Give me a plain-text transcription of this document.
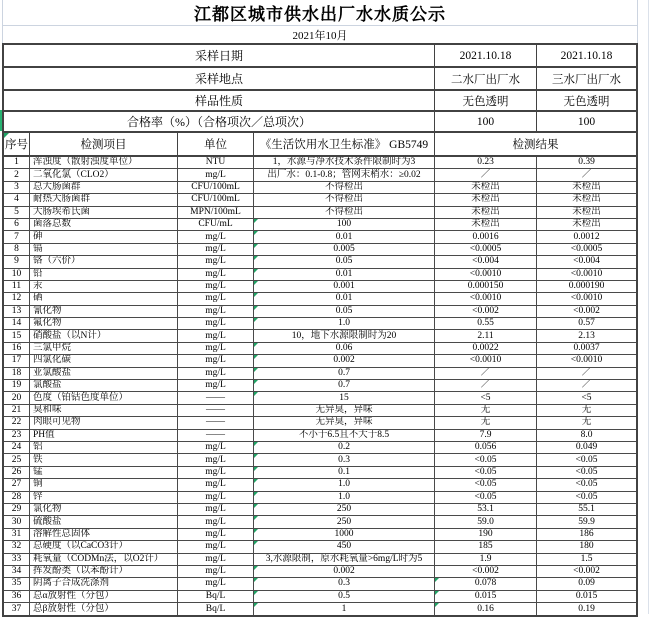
江都区城市供水出厂水水质公示
2021年10月
采样日期	2021.10.18	2021.10.18
采样地点	二水厂出厂水	三水厂出厂水
样品性质	无色透明	无色透明
合格率（%）（合格项次／总项次）	100	100
序号	检测项目	单位	《生活饮用水卫生标准》 GB5749	检测结果
1 浑浊度（散射浊度单位）	NTU	1，水源与净水技术条件限制时为3	0.23	0.39
2 二氧化氯（CLO2）	mg/L	出厂水：0.1-0.8；管网末梢水：≥0.02	／	／
3 总大肠菌群	CFU/100mL	不得检出	未检出	未检出
4 耐热大肠菌群	CFU/100mL	不得检出	未检出	未检出
5 大肠埃希氏菌	MPN/100mL	不得检出	未检出	未检出
6 菌落总数	CFU/mL	100	未检出	未检出
7 砷	mg/L	0.01	0.0016	0.0012
8 镉	mg/L	0.005	<0.0005	<0.0005
9 铬（六价）	mg/L	0.05	<0.004	<0.004
10 铅	mg/L	0.01	<0.0010	<0.0010
11 汞	mg/L	0.001	0.000150	0.000190
12 硒	mg/L	0.01	<0.0010	<0.0010
13 氰化物	mg/L	0.05	<0.002	<0.002
14 氟化物	mg/L	1.0	0.55	0.57
15 硝酸盐（以N计）	mg/L	10，地下水源限制时为20	2.11	2.13
16 三氯甲烷	mg/L	0.06	0.0022	0.0037
17 四氯化碳	mg/L	0.002	<0.0010	<0.0010
18 亚氯酸盐	mg/L	0.7	／	／
19 氯酸盐	mg/L	0.7	／	／
20 色度（铂钴色度单位）	——	15	<5	<5
21 臭和味	——	无异臭，异味	无	无
22 肉眼可见物	——	无异臭，异味	无	无
23 PH值	——	不小于6.5且不大于8.5	7.9	8.0
24 铝	mg/L	0.2	0.056	0.049
25 铁	mg/L	0.3	<0.05	<0.05
26 锰	mg/L	0.1	<0.05	<0.05
27 铜	mg/L	1.0	<0.05	<0.05
28 锌	mg/L	1.0	<0.05	<0.05
29 氯化物	mg/L	250	53.1	55.1
30 硫酸盐	mg/L	250	59.0	59.9
31 溶解性总固体	mg/L	1000	190	186
32 总硬度（以CaCO3计）	mg/L	450	185	180
33 耗氧量（CODMn法，以O2计）	mg/L	3,水源限制，原水耗氧量>6mg/L时为5	1.9	1.5
34 挥发酚类（以苯酚计）	mg/L	0.002	<0.002	<0.002
35 阴离子合成洗涤剂	mg/L	0.3	0.078	0.09
36 总α放射性（分包）	Bq/L	0.5	0.015	0.015
37 总β放射性（分包）	Bq/L	1	0.16	0.19
